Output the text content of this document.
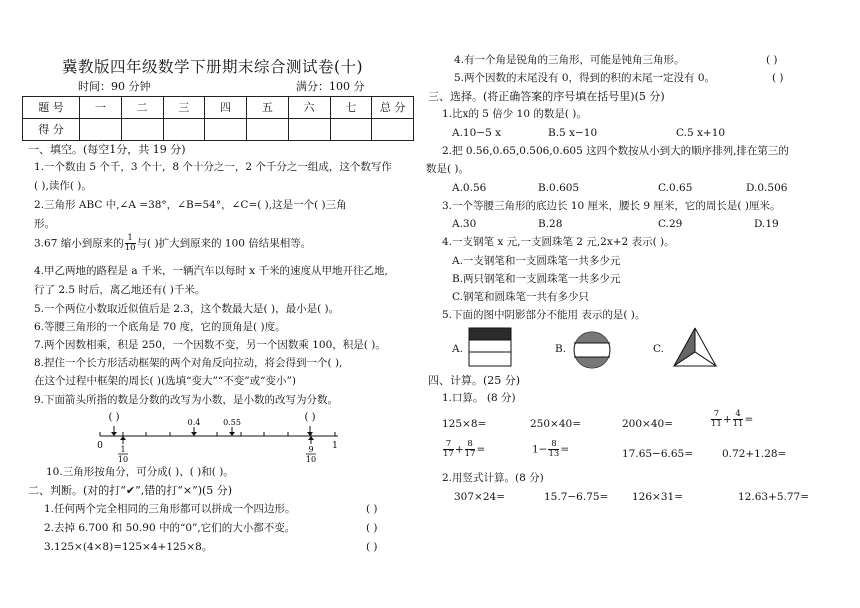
冀教版四年级数学下册期末综合测试卷(十)
时间：90 分钟	满分：100 分
题 号	一	二	三	四	五	六	七	总 分
得 分								
一、填空。(每空1分，共 19 分)
1.一个数由 5 个千，3 个十，8 个十分之一，2 个千分之一组成，这个数写作
( ),读作( )。
2.三角形 ABC 中,∠A =38°，∠B=54°，∠C=( ),这是一个( )三角
形。
3.67 缩小到原来的 $\frac{1}{10}$ 与( )扩大到原来的 100 倍结果相等。
4.甲乙两地的路程是 a 千米，一辆汽车以每时 x 千米的速度从甲地开往乙地,
行了 2.5 时后，离乙地还有( )千米。
5.一个两位小数取近似值后是 2.3，这个数最大是( )，最小是( )。
6.等腰三角形的一个底角是 70 度，它的顶角是( )度。
7.两个因数相乘，积是 250，一个因数不变，另一个因数乘 100，积是( )。
8.捏住一个长方形活动框架的两个对角反向拉动，将会得到一个( ),
在这个过程中框架的周长( )(选填“变大”“不变”或“变小”)
9.下面箭头所指的数是分数的改写为小数，是小数的改写为分数。
( )	0.4	0.55	( )
0	1
1
10
9
10
10.三角形按角分，可分成( )、( )和( )。
二、判断。(对的打“✔”,错的打“×”)(5 分)
1.任何两个完全相同的三角形都可以拼成一个四边形。	( )
2.去掉 6.700 和 50.90 中的“0”,它们的大小都不变。	( )
3.125×(4×8)=125×4+125×8。	( )
4.有一个角是锐角的三角形，可能是钝角三角形。	( )
5.两个因数的末尾没有 0，得到的积的末尾一定没有 0。	( )
三、选择。(将正确答案的序号填在括号里)(5 分)
1.比x的 5 倍少 10 的数是( )。
A.10−5 x	B.5 x−10	C.5 x+10
2.把 0.56,0.65,0.506,0.605 这四个数按从小到大的顺序排列,排在第三的
数是( )。
A.0.56	B.0.605	C.0.65	D.0.506
3.一个等腰三角形的底边长 10 厘米，腰长 9 厘米，它的周长是( )厘米。
A.30	B.28	C.29	D.19
4.一支钢笔 x 元,一支圆珠笔 2 元,2x+2 表示( )。
A.一支钢笔和一支圆珠笔一共多少元
B.两只钢笔和一支圆珠笔一共多少元
C.钢笔和圆珠笔一共有多少只
5.下面的图中阴影部分不能用 表示的是( )。
A.	B.	C.
四、计算。(25 分)
1.口算。 (8 分)
125×8=	250×40=	200×40=	$\frac{7}{11} + \frac{4}{11}$ =
$\frac{7}{17} + \frac{8}{17}$ =	$1- \frac{8}{13}$ =	17.65−6.65=	0.72+1.28=
2.用竖式计算。(8 分)
307×24=	15.7−6.75= 126×31=	12.63+5.77=
